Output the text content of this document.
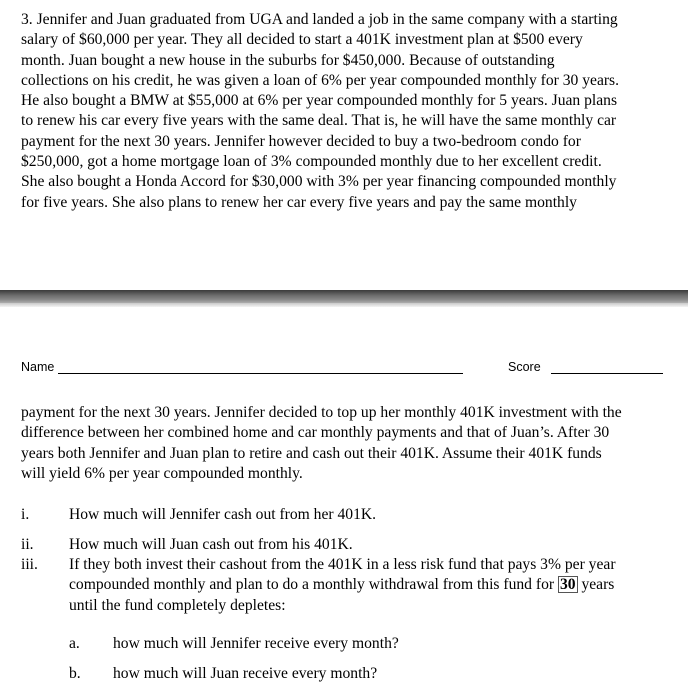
3. Jennifer and Juan graduated from UGA and landed a job in the same company with a starting
salary of $60,000 per year. They all decided to start a 401K investment plan at $500 every
month. Juan bought a new house in the suburbs for $450,000. Because of outstanding
collections on his credit, he was given a loan of 6% per year compounded monthly for 30 years.
He also bought a BMW at $55,000 at 6% per year compounded monthly for 5 years. Juan plans
to renew his car every five years with the same deal. That is, he will have the same monthly car
payment for the next 30 years. Jennifer however decided to buy a two-bedroom condo for
$250,000, got a home mortgage loan of 3% compounded monthly due to her excellent credit.
She also bought a Honda Accord for $30,000 with 3% per year financing compounded monthly
for five years. She also plans to renew her car every five years and pay the same monthly
Name	Score
payment for the next 30 years. Jennifer decided to top up her monthly 401K investment with the
difference between her combined home and car monthly payments and that of Juan’s. After 30
years both Jennifer and Juan plan to retire and cash out their 401K. Assume their 401K funds
will yield 6% per year compounded monthly.
i.	How much will Jennifer cash out from her 401K.
ii. How much will Juan cash out from his 401K.
iii. If they both invest their cashout from the 401K in a less risk fund that pays 3% per year
compounded monthly and plan to do a monthly withdrawal from this fund for 30 years
until the fund completely depletes:
a. how much will Jennifer receive every month?
b. how much will Juan receive every month?
